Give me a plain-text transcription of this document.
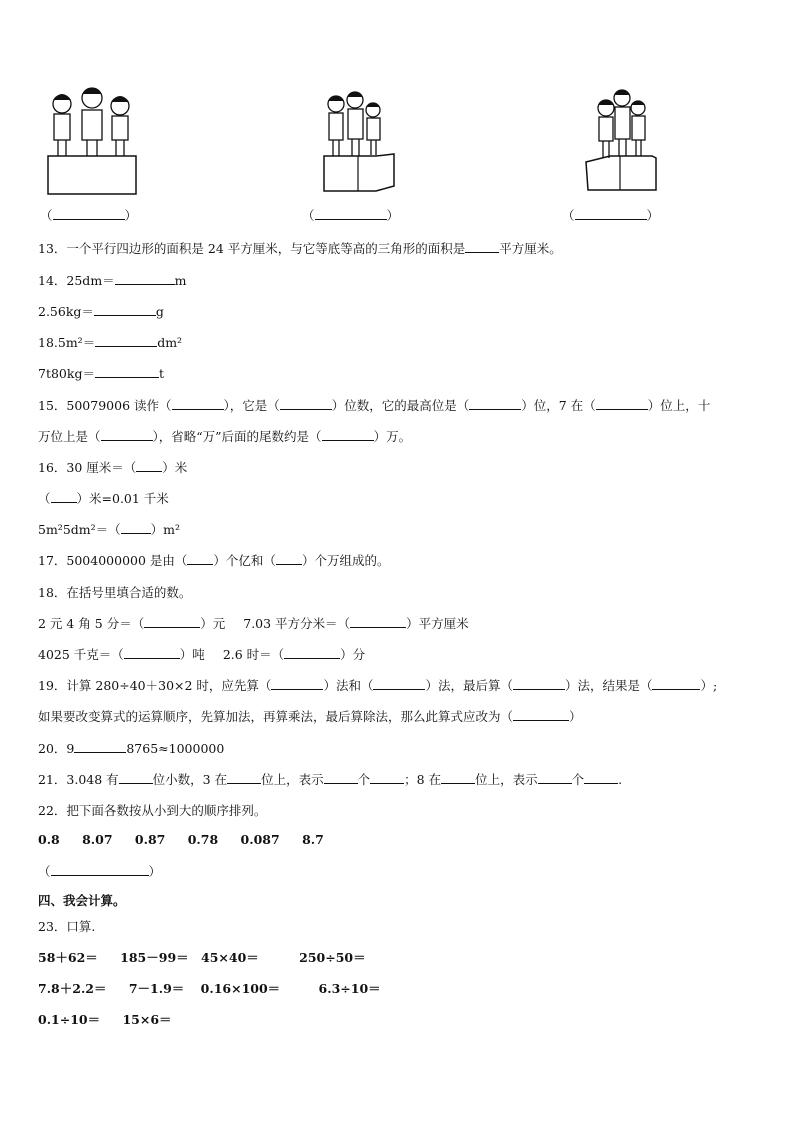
（	）	（	）	（	）
13．一个平行四边形的面积是 24 平方厘米，与它等底等高的三角形的面积是	平方厘米。
14．25dm＝	m
2.56kg＝	g
18.5m²＝	dm²
7t80kg＝	t
15．50079006 读作（	），它是（	）位数，它的最高位是（	）位，7 在（	）位上，十
万位上是（	），省略“万”后面的尾数约是（	）万。
16．30 厘米＝（ ）米
（ ）米=0.01 千米
5m²5dm²＝（ ）m²
17．5004000000 是由（ ）个亿和（ ）个万组成的。
18．在括号里填合适的数。
2 元 4 角 5 分＝（	）元 7.03 平方分米＝（	）平方厘米
4025 千克＝（	）吨 2.6 时＝（	）分
19．计算 280÷40＋30×2 时，应先算（	）法和（	）法，最后算（	）法，结果是（	）;
如果要改变算式的运算顺序，先算加法，再算乘法，最后算除法，那么此算式应改为（	）
20．9	8765≈1000000
21．3.048 有	位小数，3 在	位上，表示	个	；8 在	位上，表示	个	.
22．把下面各数按从小到大的顺序排列。
0.8 8.07 0.87 0.78 0.087 8.7
（	）
四、我会计算。
23．口算.
58＋62＝ 185－99＝ 45×40＝	250÷50＝
7.8＋2.2＝ 7－1.9＝ 0.16×100＝	6.3÷10＝
0.1÷10＝ 15×6＝
